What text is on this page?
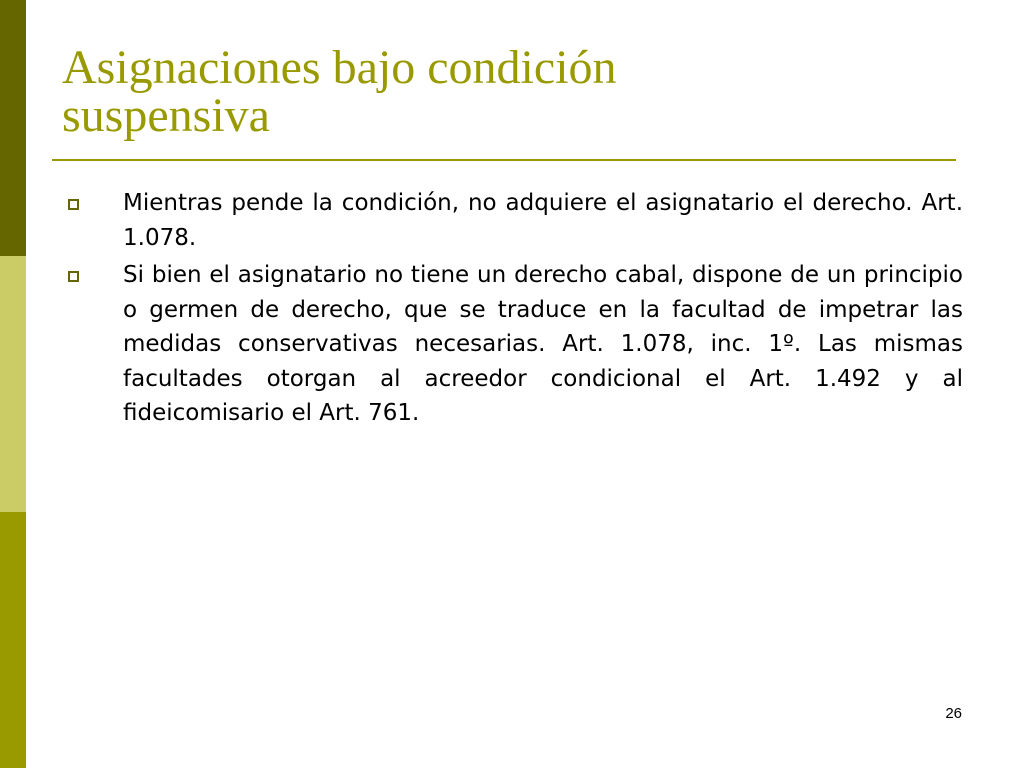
Asignaciones bajo condición
suspensiva

Mientras pende la condición, no adquiere el asignatario el derecho. Art. 1.078.

Si bien el asignatario no tiene un derecho cabal, dispone de un principio o germen de derecho, que se traduce en la facultad de impetrar las medidas conservativas necesarias. Art. 1.078, inc. 1º. Las mismas facultades otorgan al acreedor condicional el Art. 1.492 y al fideicomisario el Art. 761.

26
